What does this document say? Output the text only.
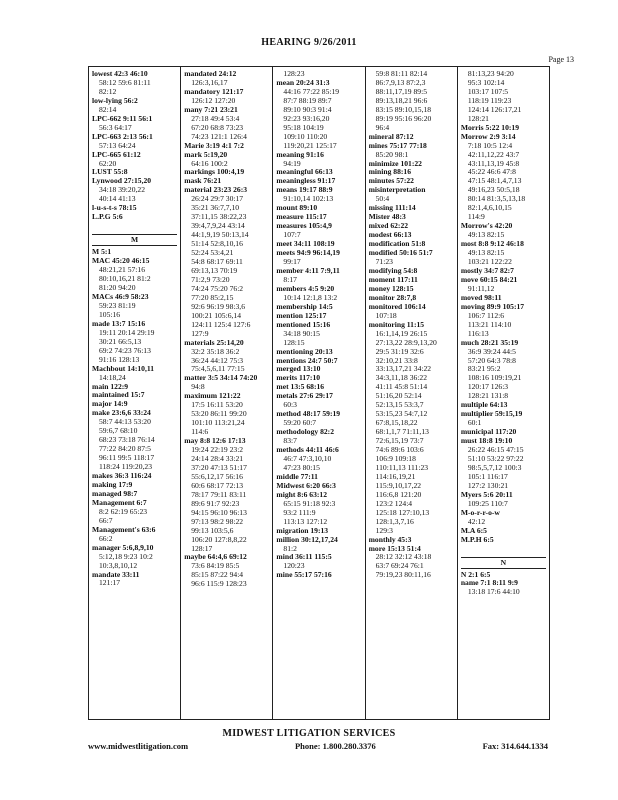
HEARING 9/26/2011
Page 13
lowest 42:3 46:10
58:12 59:6 81:11
82:12
low-lying 56:2
82:14
LPC-662 9:11 56:1
56:3 64:17
LPC-663 2:13 56:1
57:13 64:24
LPC-665 61:12
62:20
LUST 55:8
Lynwood 27:15,20
34:18 39:20,22
40:14 41:13
l-u-s-t-s 78:15
L.P.G 5:6
M
M 5:1
MAC 45:20 46:15
48:21,21 57:16
80:10,16,21 81:2
81:20 94:20
MACs 46:9 58:23
59:23 81:19
105:16
made 13:7 15:16
19:11 20:14 29:19
30:21 66:5,13
69:2 74:23 76:13
91:16 128:13
Machbout 14:10,11
14:18,24
main 122:9
maintained 15:7
major 14:9
make 23:6,6 33:24
58:7 44:13 53:20
59:6,7 68:10
68:23 73:18 76:14
77:22 84:20 87:5
96:11 99:5 118:17
118:24 119:20,23
makes 36:3 116:24
making 17:9
managed 98:7
Management 6:7
8:2 62:19 65:23
66:7
Management's 63:6
66:2
manager 5:6,8,9,10
5:12,18 9:23 10:2
10:3,8,10,12
mandate 33:11
121:17
mandated 24:12
126:3,16,17
mandatory 121:17
126:12 127:20
many 7:21 23:21
27:18 49:4 53:4
67:20 68:8 73:23
74:23 121:1 126:4
Marie 3:19 4:1 7:2
mark 5:19,20
64:16 100:2
markings 100:4,19
mask 76:21
material 23:23 26:3
26:24 29:7 30:17
35:21 36:7,7,10
37:11,15 38:22,23
39:4,7,9,24 43:14
44:1,9,19 50:13,14
51:14 52:8,10,16
52:24 53:4,21
54:8 68:17 69:11
69:13,13 70:19
71:2,9 73:20
74:24 75:20 76:2
77:20 85:2,15
92:6 96:19 98:3,6
100:21 105:6,14
124:11 125:4 127:6
127:9
materials 25:14,20
32:2 35:18 36:2
36:24 44:12 75:3
75:4,5,6,11 77:15
matter 3:5 34:14 74:20
94:8
maximum 121:22
17:5 16:11 53:20
53:20 86:11 99:20
101:10 113:21,24
114:6
may 8:8 12:6 17:13
19:24 22:19 23:2
24:14 28:4 33:21
37:20 47:13 51:17
55:6,12,17 56:16
60:6 68:17 72:13
78:17 79:11 83:11
89:6 91:7 92:23
94:15 96:10 96:13
97:13 98:2 98:22
99:13 103:5,6
106:20 127:8,8,22
128:17
maybe 64:4,6 69:12
73:6 84:19 85:5
85:15 87:22 94:4
96:6 115:9 128:23
128:23
mean 20:24 31:3
44:16 77:22 85:19
87:7 88:19 89:7
89:10 90:3 91:4
92:23 93:16,20
95:18 104:19
109:10 110:20
119:20,21 125:17
meaning 91:16
94:19
meaningful 66:13
meaningless 91:17
means 19:17 88:9
91:10,14 102:13
mount 89:10
measure 115:17
measures 105:4,9
107:7
meet 34:11 108:19
meets 94:9 96:14,19
99:17
member 4:11 7:9,11
8:17
members 4:5 9:20
10:14 12:1,8 13:2
membership 14:5
mention 125:17
mentioned 15:16
34:18 90:15
128:15
mentioning 20:13
mentions 24:7 50:7
merged 13:10
merits 117:10
met 13:5 68:16
metals 27:6 29:17
60:3
method 48:17 59:19
59:20 60:7
methodology 82:2
83:7
methods 44:11 46:6
46:7 47:3,10,10
47:23 80:15
middle 77:11
Midwest 6:20 66:3
might 8:6 63:12
65:15 91:18 92:3
93:2 111:9
113:13 127:12
migration 19:13
million 30:12,17,24
81:2
mind 36:11 115:5
120:23
mine 55:17 57:16
59:8 81:11 82:14
86:7,9,13 87:2,3
88:11,17,19 89:5
89:13,18,21 96:6
83:15 89:10,15,18
89:19 95:16 96:20
96:4
mineral 87:12
mines 75:17 77:18
85:20 98:1
minimize 101:22
mining 88:16
minutes 57:22
misinterpretation
50:4
missing 111:14
Mister 48:3
mixed 62:22
modest 66:13
modification 51:8
modified 50:16 51:7
71:23
modifying 54:8
moment 117:11
money 128:15
monitor 28:7,8
monitored 106:14
107:18
monitoring 11:15
16:1,14,19 26:15
27:13,22 28:9,13,20
29:5 31:19 32:6
32:10,21 33:8
33:13,17,21 34:22
34:3,11,18 36:22
41:11 45:8 51:14
51:16,20 52:14
52:13,15 53:3,7
53:15,23 54:7,12
67:8,15,18,22
68:1,1,7 71:11,13
72:6,15,19 73:7
74:6 89:6 103:6
106:9 109:18
110:11,13 111:23
114:16,19,21
115:9,10,17,22
116:6,8 121:20
123:2 124:4
125:18 127:10,13
128:1,3,7,16
129:3
monthly 45:3
more 15:13 51:4
28:12 32:12 43:18
63:7 69:24 76:1
79:19,23 80:11,16
81:13,23 94:20
95:3 102:14
103:17 107:5
118:19 119:23
124:14 126:17,21
128:21
Morris 5:22 10:19
Morrow 2:9 3:14
7:18 10:5 12:4
42:11,12,22 43:7
43:11,13,19 45:8
45:22 46:6 47:8
47:15 48:1,4,7,13
49:16,23 50:5,18
80:14 81:3,5,13,18
82:1,4,6,10,15
114:9
Morrow's 42:20
49:13 82:15
most 8:8 9:12 46:18
49:13 82:15
103:21 122:22
mostly 34:7 82:7
move 60:15 84:21
91:11,12
moved 98:11
moving 89:9 105:17
106:7 112:6
113:21 114:10
116:13
much 28:21 35:19
36:9 39:24 44:5
57:20 64:3 78:8
83:21 95:2
108:16 109:19,21
120:17 126:3
128:21 131:8
multiple 64:13
multiplier 59:15,19
60:1
municipal 117:20
must 18:8 19:10
26:22 46:15 47:15
51:10 53:22 97:22
98:5,5,7,12 100:3
105:1 116:17
127:2 130:21
Myers 5:6 20:11
109:25 110:7
M-o-r-r-o-w
42:12
M.A 6:5
M.P.H 6:5
N
N 2:1 6:5
name 7:1 8:11 9:9
13:18 17:6 44:10
MIDWEST LITIGATION SERVICES
www.midwestlitigation.com	Phone: 1.800.280.3376	Fax: 314.644.1334
